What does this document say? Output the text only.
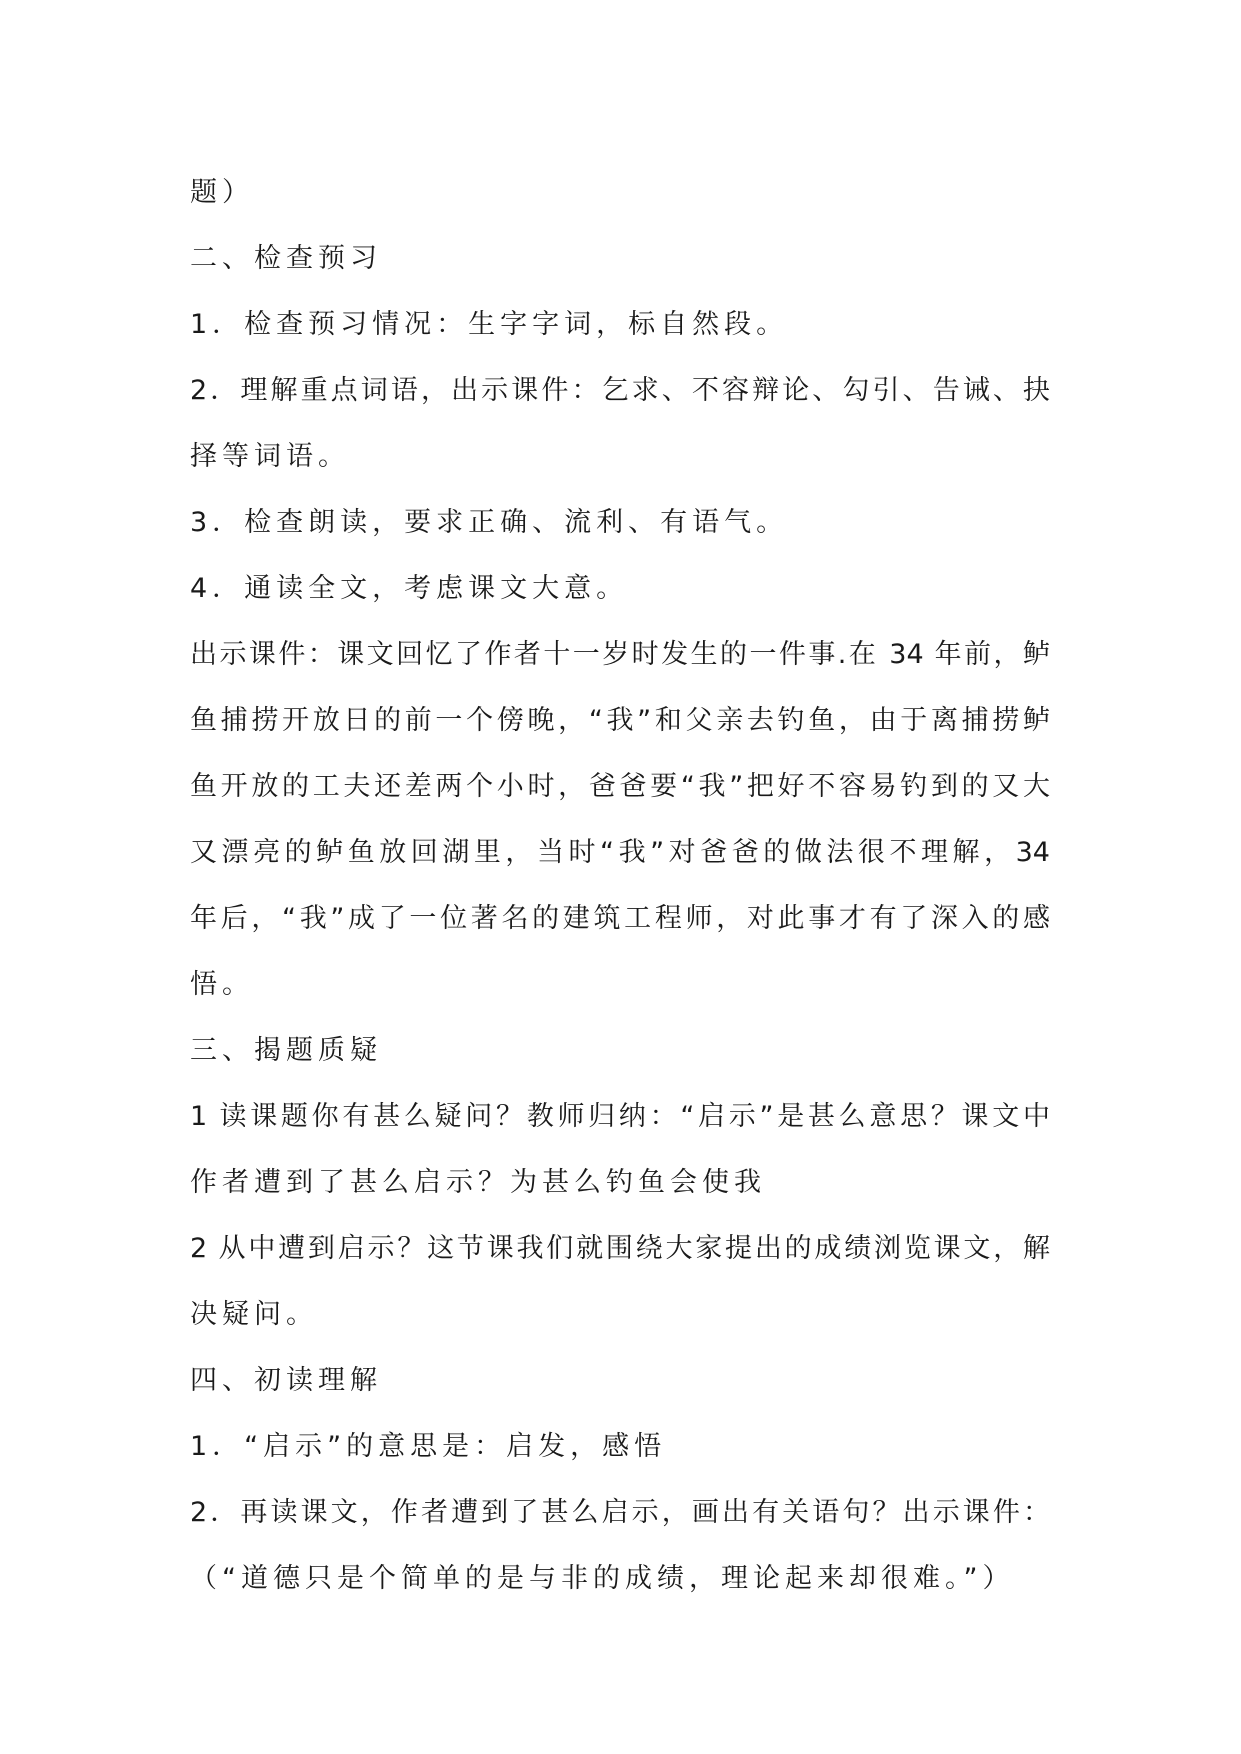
题）
二、检查预习
1．检查预习情况：生字字词，标自然段。
2．理解重点词语，出示课件：乞求、不容辩论、勾引、告诫、抉
择等词语。
3．检查朗读，要求正确、流利、有语气。
4．通读全文，考虑课文大意。
出示课件：课文回忆了作者十一岁时发生的一件事.在 34 年前，鲈
鱼捕捞开放日的前一个傍晚，“我”和父亲去钓鱼，由于离捕捞鲈
鱼开放的工夫还差两个小时，爸爸要“我”把好不容易钓到的又大
又漂亮的鲈鱼放回湖里，当时“我”对爸爸的做法很不理解，34
年后，“我”成了一位著名的建筑工程师，对此事才有了深入的感
悟。
三、揭题质疑
1 读课题你有甚么疑问？教师归纳：“启示”是甚么意思？课文中
作者遭到了甚么启示？为甚么钓鱼会使我
2 从中遭到启示？这节课我们就围绕大家提出的成绩浏览课文，解
决疑问。
四、初读理解
1．“启示”的意思是：启发，感悟
2．再读课文，作者遭到了甚么启示，画出有关语句？出示课件：
（“道德只是个简单的是与非的成绩，理论起来却很难。”）
